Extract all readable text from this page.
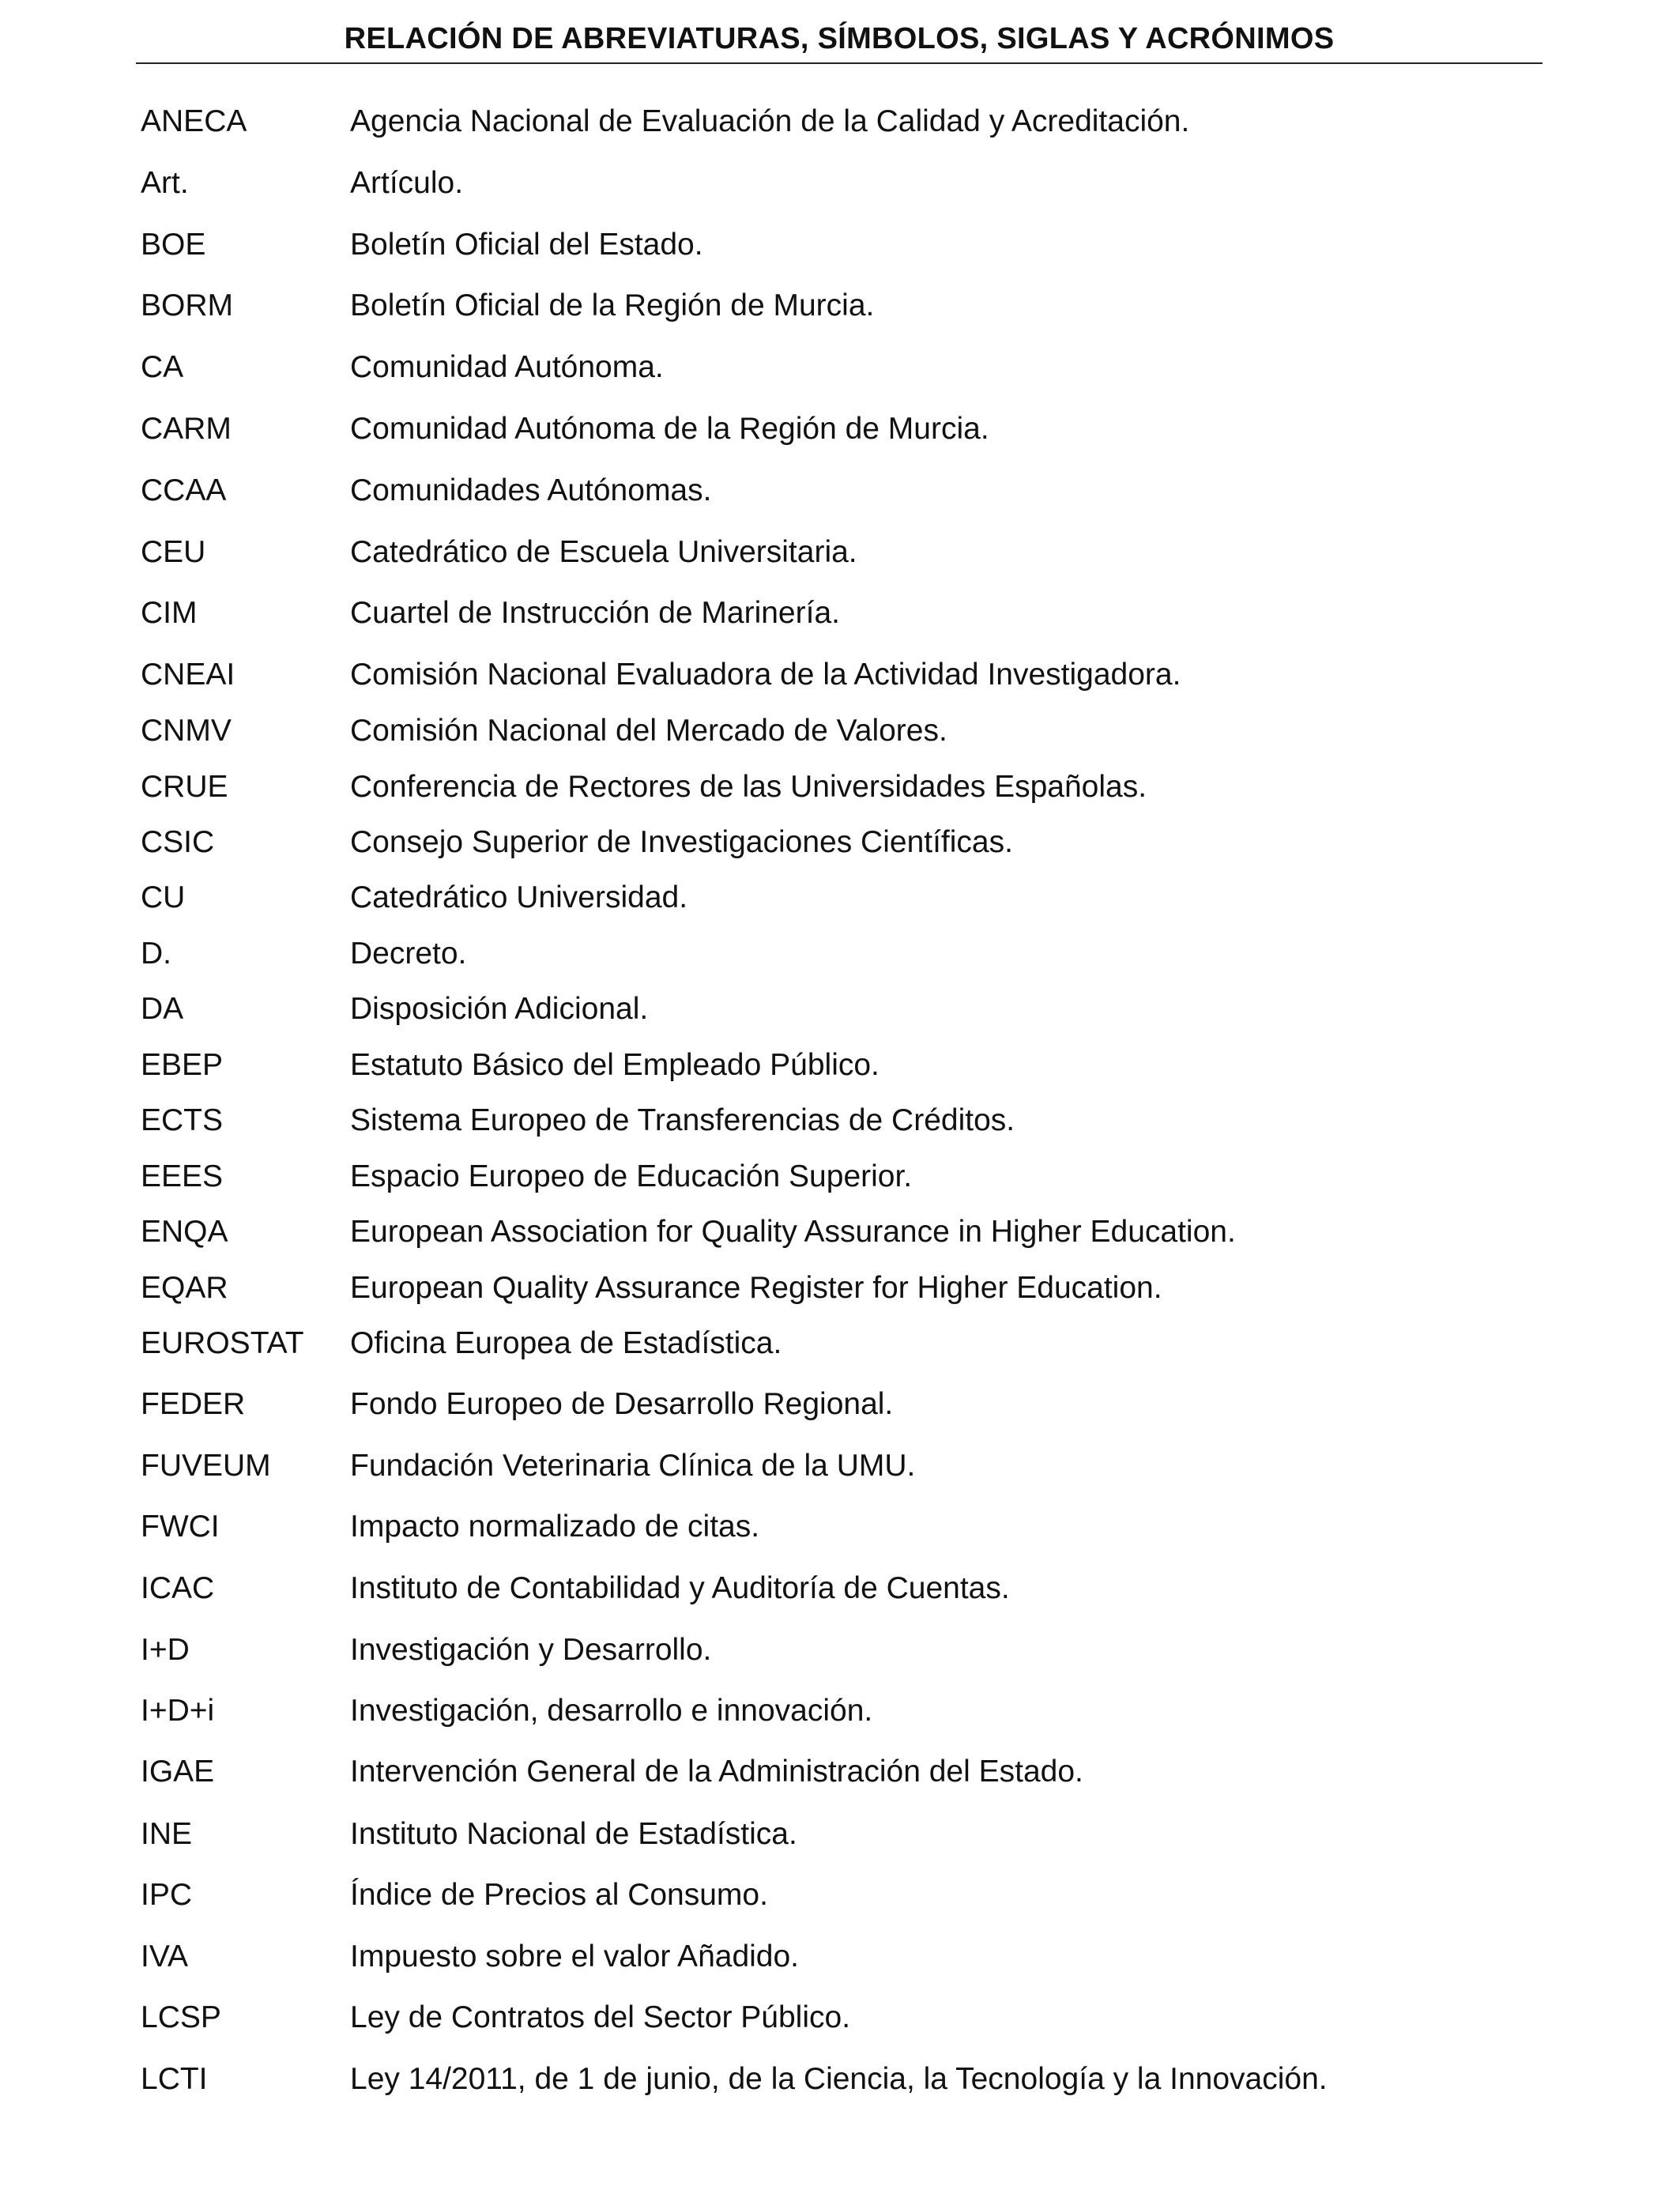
RELACIÓN DE ABREVIATURAS, SÍMBOLOS, SIGLAS Y ACRÓNIMOS
ANECA	Agencia Nacional de Evaluación de la Calidad y Acreditación.
Art.	Artículo.
BOE	Boletín Oficial del Estado.
BORM	Boletín Oficial de la Región de Murcia.
CA	Comunidad Autónoma.
CARM	Comunidad Autónoma de la Región de Murcia.
CCAA	Comunidades Autónomas.
CEU	Catedrático de Escuela Universitaria.
CIM	Cuartel de Instrucción de Marinería.
CNEAI	Comisión Nacional Evaluadora de la Actividad Investigadora.
CNMV	Comisión Nacional del Mercado de Valores.
CRUE	Conferencia de Rectores de las Universidades Españolas.
CSIC	Consejo Superior de Investigaciones Científicas.
CU	Catedrático Universidad.
D.	Decreto.
DA	Disposición Adicional.
EBEP	Estatuto Básico del Empleado Público.
ECTS	Sistema Europeo de Transferencias de Créditos.
EEES	Espacio Europeo de Educación Superior.
ENQA	European Association for Quality Assurance in Higher Education.
EQAR	European Quality Assurance Register for Higher Education.
EUROSTAT Oficina Europea de Estadística.
FEDER	Fondo Europeo de Desarrollo Regional.
FUVEUM	Fundación Veterinaria Clínica de la UMU.
FWCI	Impacto normalizado de citas.
ICAC	Instituto de Contabilidad y Auditoría de Cuentas.
I+D	Investigación y Desarrollo.
I+D+i	Investigación, desarrollo e innovación.
IGAE	Intervención General de la Administración del Estado.
INE	Instituto Nacional de Estadística.
IPC	Índice de Precios al Consumo.
IVA	Impuesto sobre el valor Añadido.
LCSP	Ley de Contratos del Sector Público.
LCTI	Ley 14/2011, de 1 de junio, de la Ciencia, la Tecnología y la Innovación.
